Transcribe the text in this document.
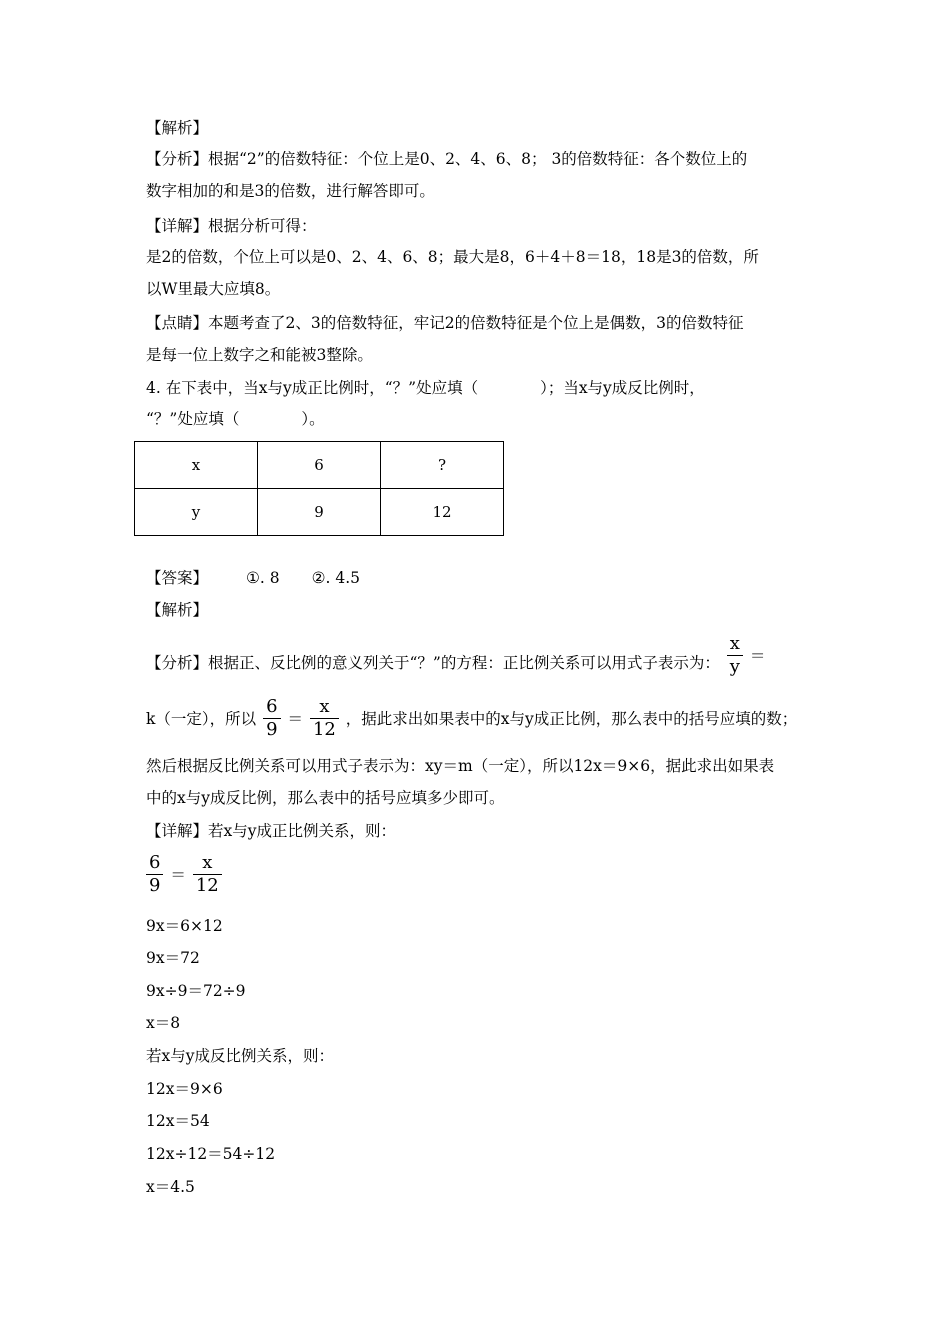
【解析】
【分析】根据“2”的倍数特征：个位上是0、2、4、6、8； 3的倍数特征：各个数位上的
数字相加的和是3的倍数，进行解答即可。
【详解】根据分析可得：
是2的倍数，个位上可以是0、2、4、6、8；最大是8，6＋4＋8＝18，18是3的倍数，所
以W里最大应填8。
【点睛】本题考查了2、3的倍数特征，牢记2的倍数特征是个位上是偶数，3的倍数特征
是每一位上数字之和能被3整除。
4. 在下表中，当x与y成正比例时，“？”处应填（　　　　）；当x与y成反比例时，
“？”处应填（　　　　）。
x	6	?
y	9	12
【答案】 ①. 8 ②. 4.5
【解析】
【分析】根据正、反比例的意义列关于“？”的方程：正比例关系可以用式子表示为： $\frac{x}{y}$ ＝
k（一定），所以 $\frac{6}{9} = \frac{x}{12}$ ，据此求出如果表中的x与y成正比例，那么表中的括号应填的数；
然后根据反比例关系可以用式子表示为：xy＝m（一定），所以12x＝9×6，据此求出如果表
中的x与y成反比例，那么表中的括号应填多少即可。
【详解】若x与y成正比例关系，则：
$\frac{6}{9} = \frac{x}{12}$
9x＝6×12
9x＝72
9x÷9＝72÷9
x＝8
若x与y成反比例关系，则：
12x＝9×6
12x＝54
12x÷12＝54÷12
x＝4.5
